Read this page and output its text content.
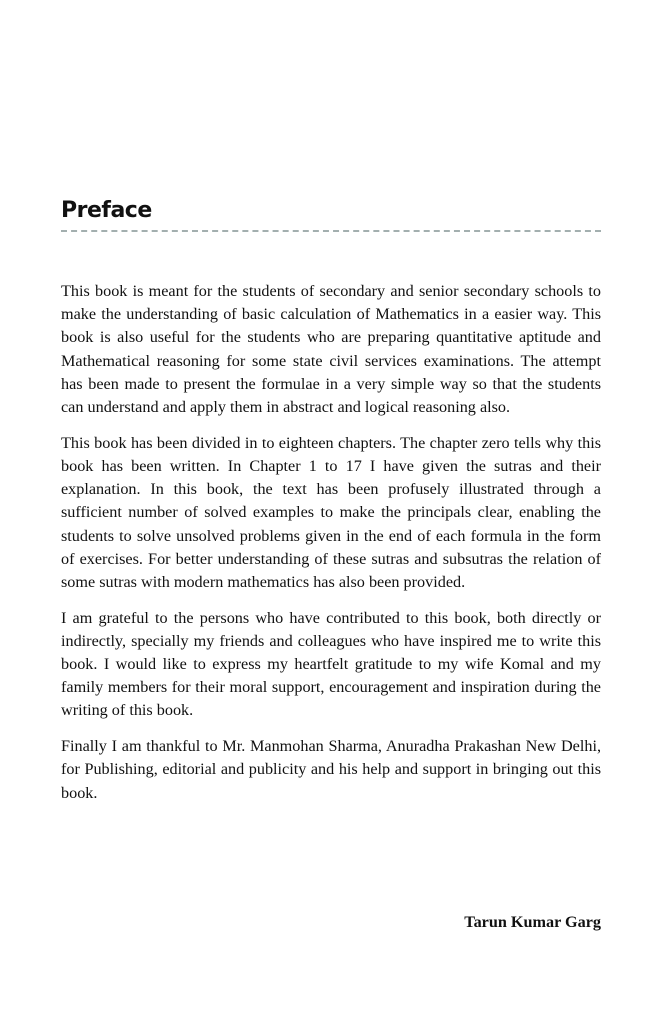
Preface

This book is meant for the students of secondary and senior secondary schools to make the understanding of basic calculation of Mathematics in a easier way. This book is also useful for the students who are preparing quantitative aptitude and Mathematical reasoning for some state civil services examinations. The attempt has been made to present the formulae in a very simple way so that the students can understand and apply them in abstract and logical reasoning also.

This book has been divided in to eighteen chapters. The chapter zero tells why this book has been written. In Chapter 1 to 17 I have given the sutras and their explanation. In this book, the text has been profusely illustrated through a sufficient number of solved examples to make the principals clear, enabling the students to solve unsolved problems given in the end of each formula in the form of exercises. For better understanding of these sutras and subsutras the relation of some sutras with modern mathematics has also been provided.

I am grateful to the persons who have contributed to this book, both directly or indirectly, specially my friends and colleagues who have inspired me to write this book. I would like to express my heartfelt gratitude to my wife Komal and my family members for their moral support, encouragement and inspiration during the writing of this book.

Finally I am thankful to Mr. Manmohan Sharma, Anuradha Prakashan New Delhi, for Publishing, editorial and publicity and his help and support in bringing out this book.

Tarun Kumar Garg
